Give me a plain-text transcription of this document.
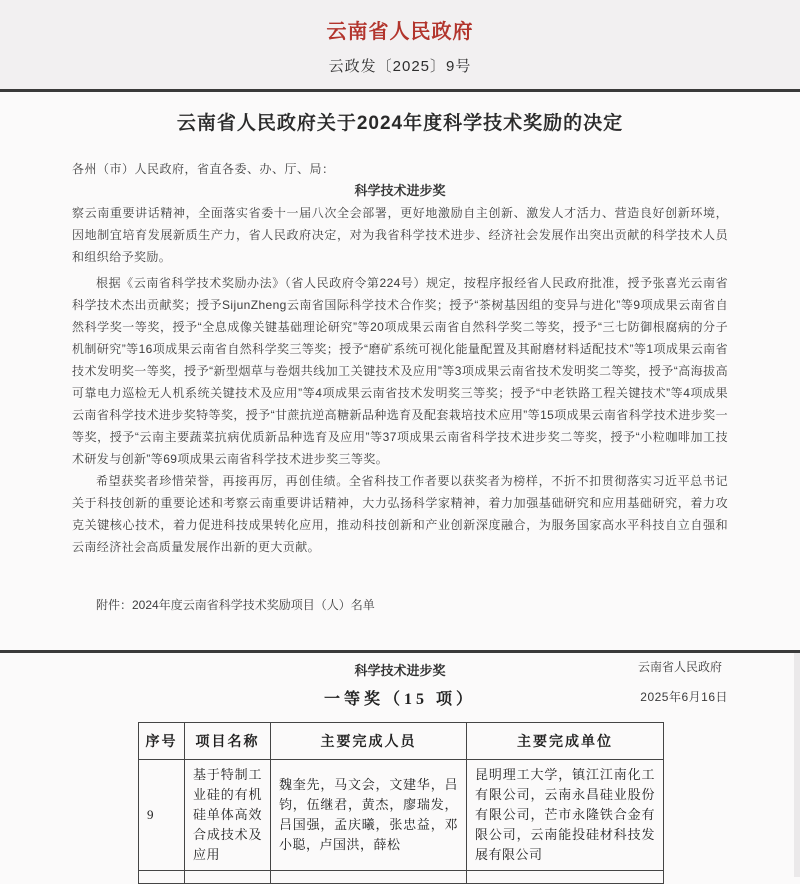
云南省人民政府
云政发〔2025〕9号
云南省人民政府关于2024年度科学技术奖励的决定

各州（市）人民政府，省直各委、办、厅、局：

科学技术进步奖

察云南重要讲话精神，全面落实省委十一届八次全会部署，更好地激励自主创新、激发人才活力、营造良好创新环境，因地制宜培育发展新质生产力，省人民政府决定，对为我省科学技术进步、经济社会发展作出突出贡献的科学技术人员和组织给予奖励。

根据《云南省科学技术奖励办法》（省人民政府令第224号）规定，按程序报经省人民政府批准，授予张喜光云南省科学技术杰出贡献奖；授予SijunZheng云南省国际科学技术合作奖；授予“茶树基因组的变异与进化”等9项成果云南省自然科学奖一等奖，授予“全息成像关键基础理论研究”等20项成果云南省自然科学奖二等奖，授予“三七防御根腐病的分子机制研究”等16项成果云南省自然科学奖三等奖；授予“磨矿系统可视化能量配置及其耐磨材料适配技术”等1项成果云南省技术发明奖一等奖，授予“新型烟草与卷烟共线加工关键技术及应用”等3项成果云南省技术发明奖二等奖，授予“高海拔高可靠电力巡检无人机系统关键技术及应用”等4项成果云南省技术发明奖三等奖；授予“中老铁路工程关键技术”等4项成果云南省科学技术进步奖特等奖，授予“甘蔗抗逆高糖新品种选育及配套栽培技术应用”等15项成果云南省科学技术进步奖一等奖，授予“云南主要蔬菜抗病优质新品种选育及应用”等37项成果云南省科学技术进步奖二等奖，授予“小粒咖啡加工技术研发与创新”等69项成果云南省科学技术进步奖三等奖。

希望获奖者珍惜荣誉，再接再厉，再创佳绩。全省科技工作者要以获奖者为榜样，不折不扣贯彻落实习近平总书记关于科技创新的重要论述和考察云南重要讲话精神，大力弘扬科学家精神，着力加强基础研究和应用基础研究，着力攻克关键核心技术，着力促进科技成果转化应用，推动科技创新和产业创新深度融合，为服务国家高水平科技自立自强和云南经济社会高质量发展作出新的更大贡献。

附件：2024年度云南省科学技术奖励项目（人）名单

云南省人民政府
2025年6月16日
科学技术进步奖
一等奖（15 项）
序号	项目名称	主要完成人员	主要完成单位
9	基于特制工业硅的有机硅单体高效合成技术及应用	魏奎先，马文会，文建华，吕钧，伍继君，黄杰，廖瑞发，吕国强，孟庆曦，张忠益，邓小聪，卢国洪，薛松	昆明理工大学，镇江江南化工有限公司，云南永昌硅业股份有限公司，芒市永隆铁合金有限公司，云南能投硅材科技发展有限公司
